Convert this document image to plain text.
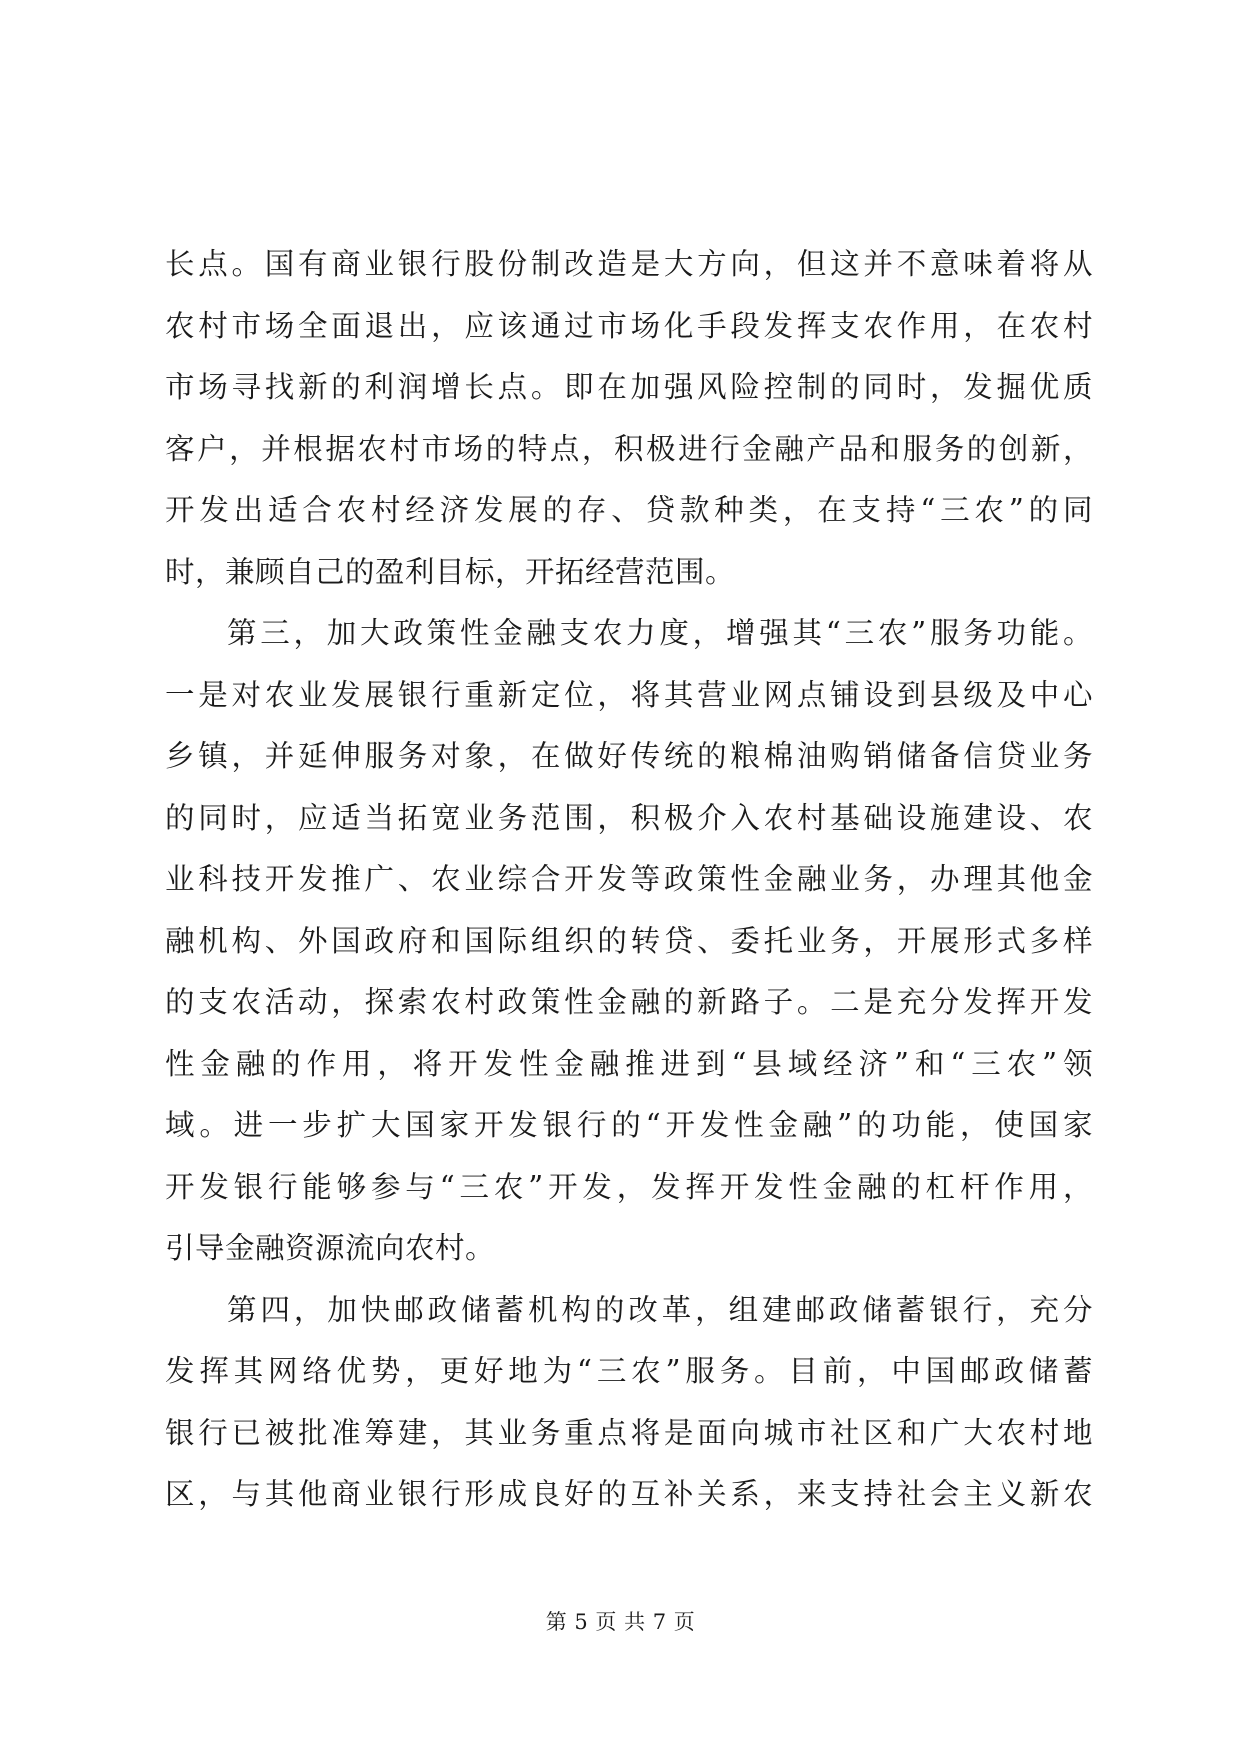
长点。国有商业银行股份制改造是大方向，但这并不意味着将从
农村市场全面退出，应该通过市场化手段发挥支农作用，在农村
市场寻找新的利润增长点。即在加强风险控制的同时，发掘优质
客户，并根据农村市场的特点，积极进行金融产品和服务的创新，
开发出适合农村经济发展的存、贷款种类，在支持“三农”的同
时，兼顾自己的盈利目标，开拓经营范围。
第三，加大政策性金融支农力度，增强其“三农”服务功能。
一是对农业发展银行重新定位，将其营业网点铺设到县级及中心
乡镇，并延伸服务对象，在做好传统的粮棉油购销储备信贷业务
的同时，应适当拓宽业务范围，积极介入农村基础设施建设、农
业科技开发推广、农业综合开发等政策性金融业务，办理其他金
融机构、外国政府和国际组织的转贷、委托业务，开展形式多样
的支农活动，探索农村政策性金融的新路子。二是充分发挥开发
性金融的作用，将开发性金融推进到“县域经济”和“三农”领
域。进一步扩大国家开发银行的“开发性金融”的功能，使国家
开发银行能够参与“三农”开发，发挥开发性金融的杠杆作用，
引导金融资源流向农村。
第四，加快邮政储蓄机构的改革，组建邮政储蓄银行，充分
发挥其网络优势，更好地为“三农”服务。目前，中国邮政储蓄
银行已被批准筹建，其业务重点将是面向城市社区和广大农村地
区，与其他商业银行形成良好的互补关系，来支持社会主义新农
第 5 页 共 7 页
